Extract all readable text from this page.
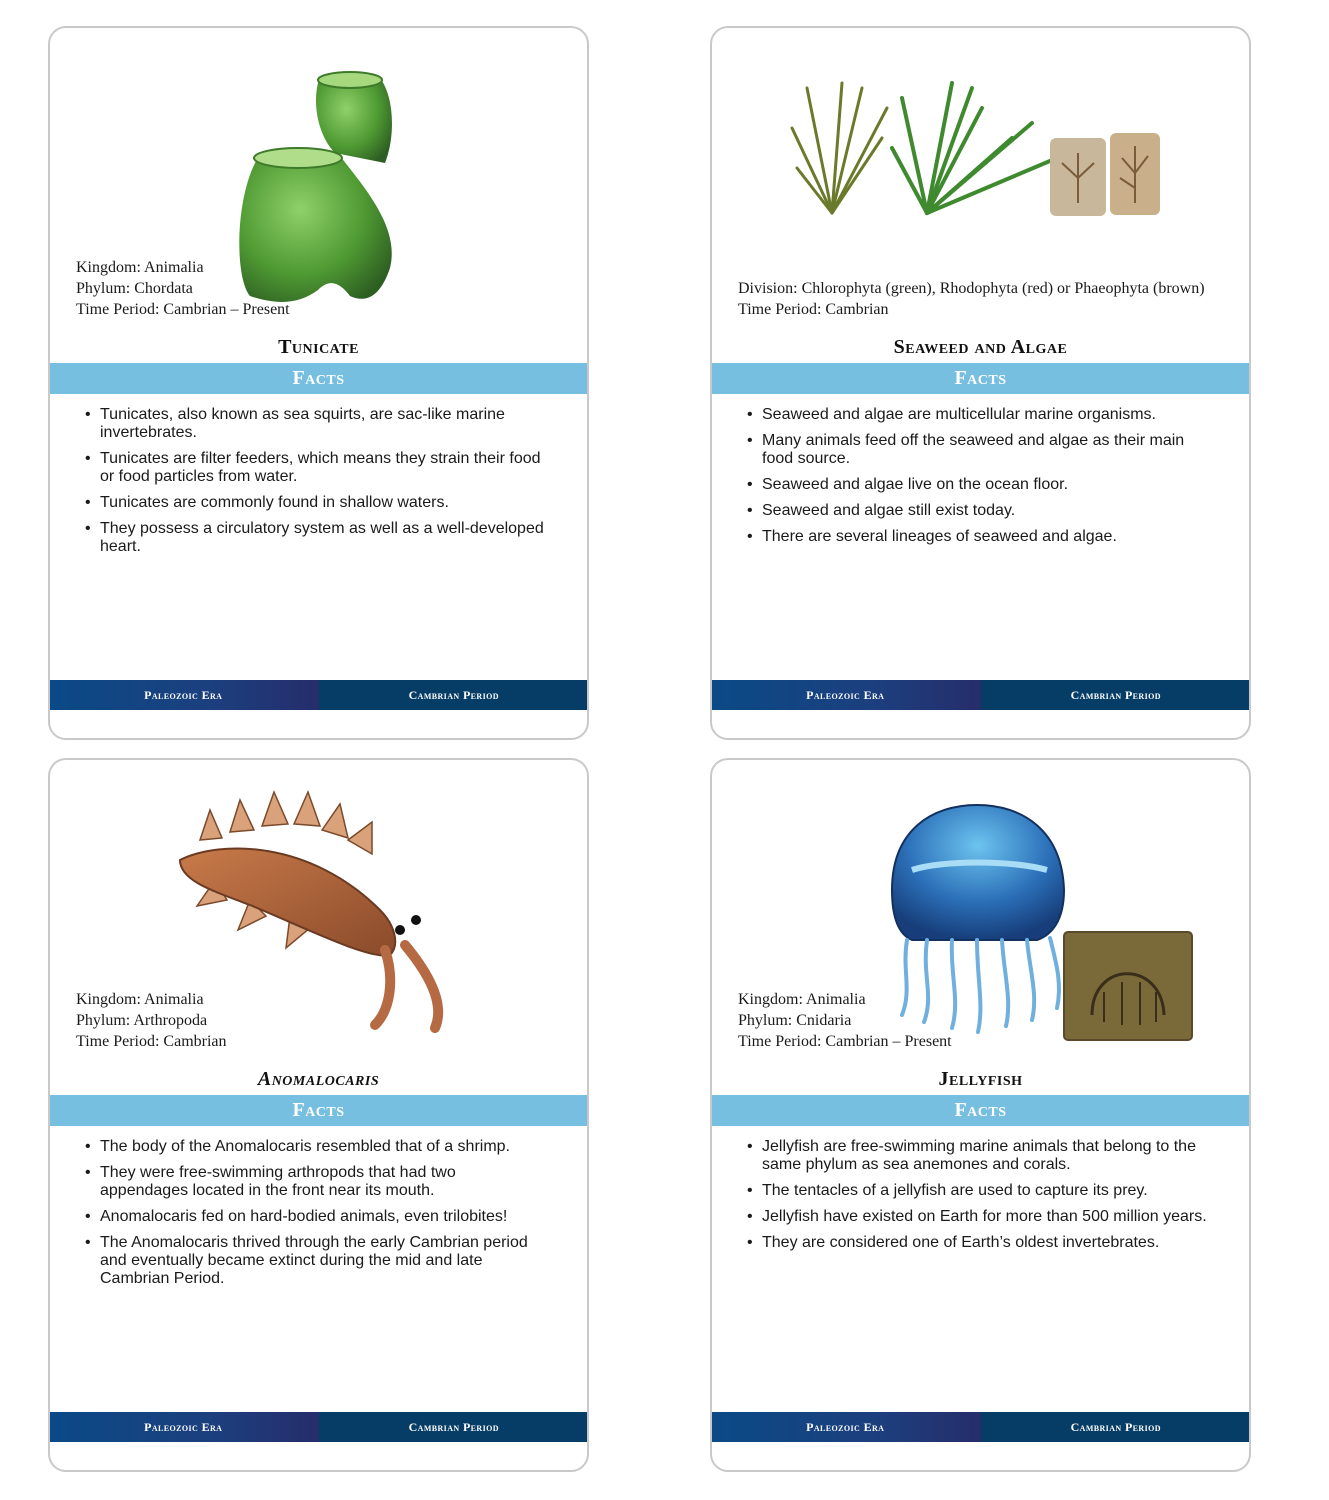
Kingdom: Animalia
Phylum: Chordata
Time Period: Cambrian – Present
Tunicate
Facts
• Tunicates, also known as sea squirts, are sac-like marine invertebrates.
• Tunicates are filter feeders, which means they strain their food or food particles from water.
• Tunicates are commonly found in shallow waters.
• They possess a circulatory system as well as a well-developed heart.
Paleozoic Era	Cambrian Period
Division: Chlorophyta (green), Rhodophyta (red) or Phaeophyta (brown)
Time Period: Cambrian
Seaweed and Algae
Facts
• Seaweed and algae are multicellular marine organisms.
• Many animals feed off the seaweed and algae as their main food source.
• Seaweed and algae live on the ocean floor.
• Seaweed and algae still exist today.
• There are several lineages of seaweed and algae.
Paleozoic Era	Cambrian Period
Kingdom: Animalia
Phylum: Arthropoda
Time Period: Cambrian
Anomalocaris
Facts
• The body of the Anomalocaris resembled that of a shrimp.
• They were free-swimming arthropods that had two appendages located in the front near its mouth.
• Anomalocaris fed on hard-bodied animals, even trilobites!
• The Anomalocaris thrived through the early Cambrian period and eventually became extinct during the mid and late Cambrian Period.
Paleozoic Era	Cambrian Period
Kingdom: Animalia
Phylum: Cnidaria
Time Period: Cambrian – Present
Jellyfish
Facts
• Jellyfish are free-swimming marine animals that belong to the same phylum as sea anemones and corals.
• The tentacles of a jellyfish are used to capture its prey.
• Jellyfish have existed on Earth for more than 500 million years.
• They are considered one of Earth’s oldest invertebrates.
Paleozoic Era	Cambrian Period
